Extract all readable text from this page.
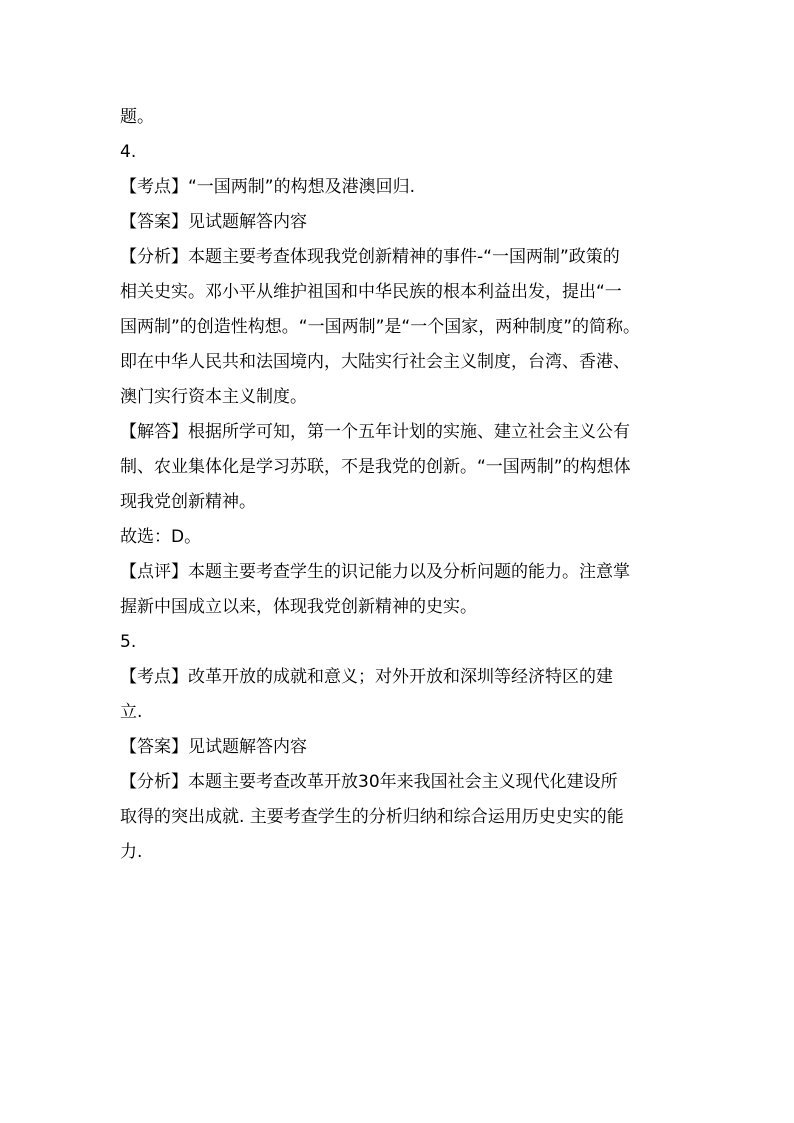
题。
4.
【考点】“一国两制”的构想及港澳回归.
【答案】见试题解答内容
【分析】本题主要考查体现我党创新精神的事件-“一国两制”政策的
相关史实。邓小平从维护祖国和中华民族的根本利益出发，提出“一
国两制”的创造性构想。“一国两制”是“一个国家，两种制度”的简称。
即在中华人民共和法国境内，大陆实行社会主义制度，台湾、香港、
澳门实行资本主义制度。
【解答】根据所学可知，第一个五年计划的实施、建立社会主义公有
制、农业集体化是学习苏联，不是我党的创新。“一国两制”的构想体
现我党创新精神。
故选：D。
【点评】本题主要考查学生的识记能力以及分析问题的能力。注意掌
握新中国成立以来，体现我党创新精神的史实。
5.
【考点】改革开放的成就和意义；对外开放和深圳等经济特区的建
立.
【答案】见试题解答内容
【分析】本题主要考查改革开放30年来我国社会主义现代化建设所
取得的突出成就. 主要考查学生的分析归纳和综合运用历史史实的能
力.
